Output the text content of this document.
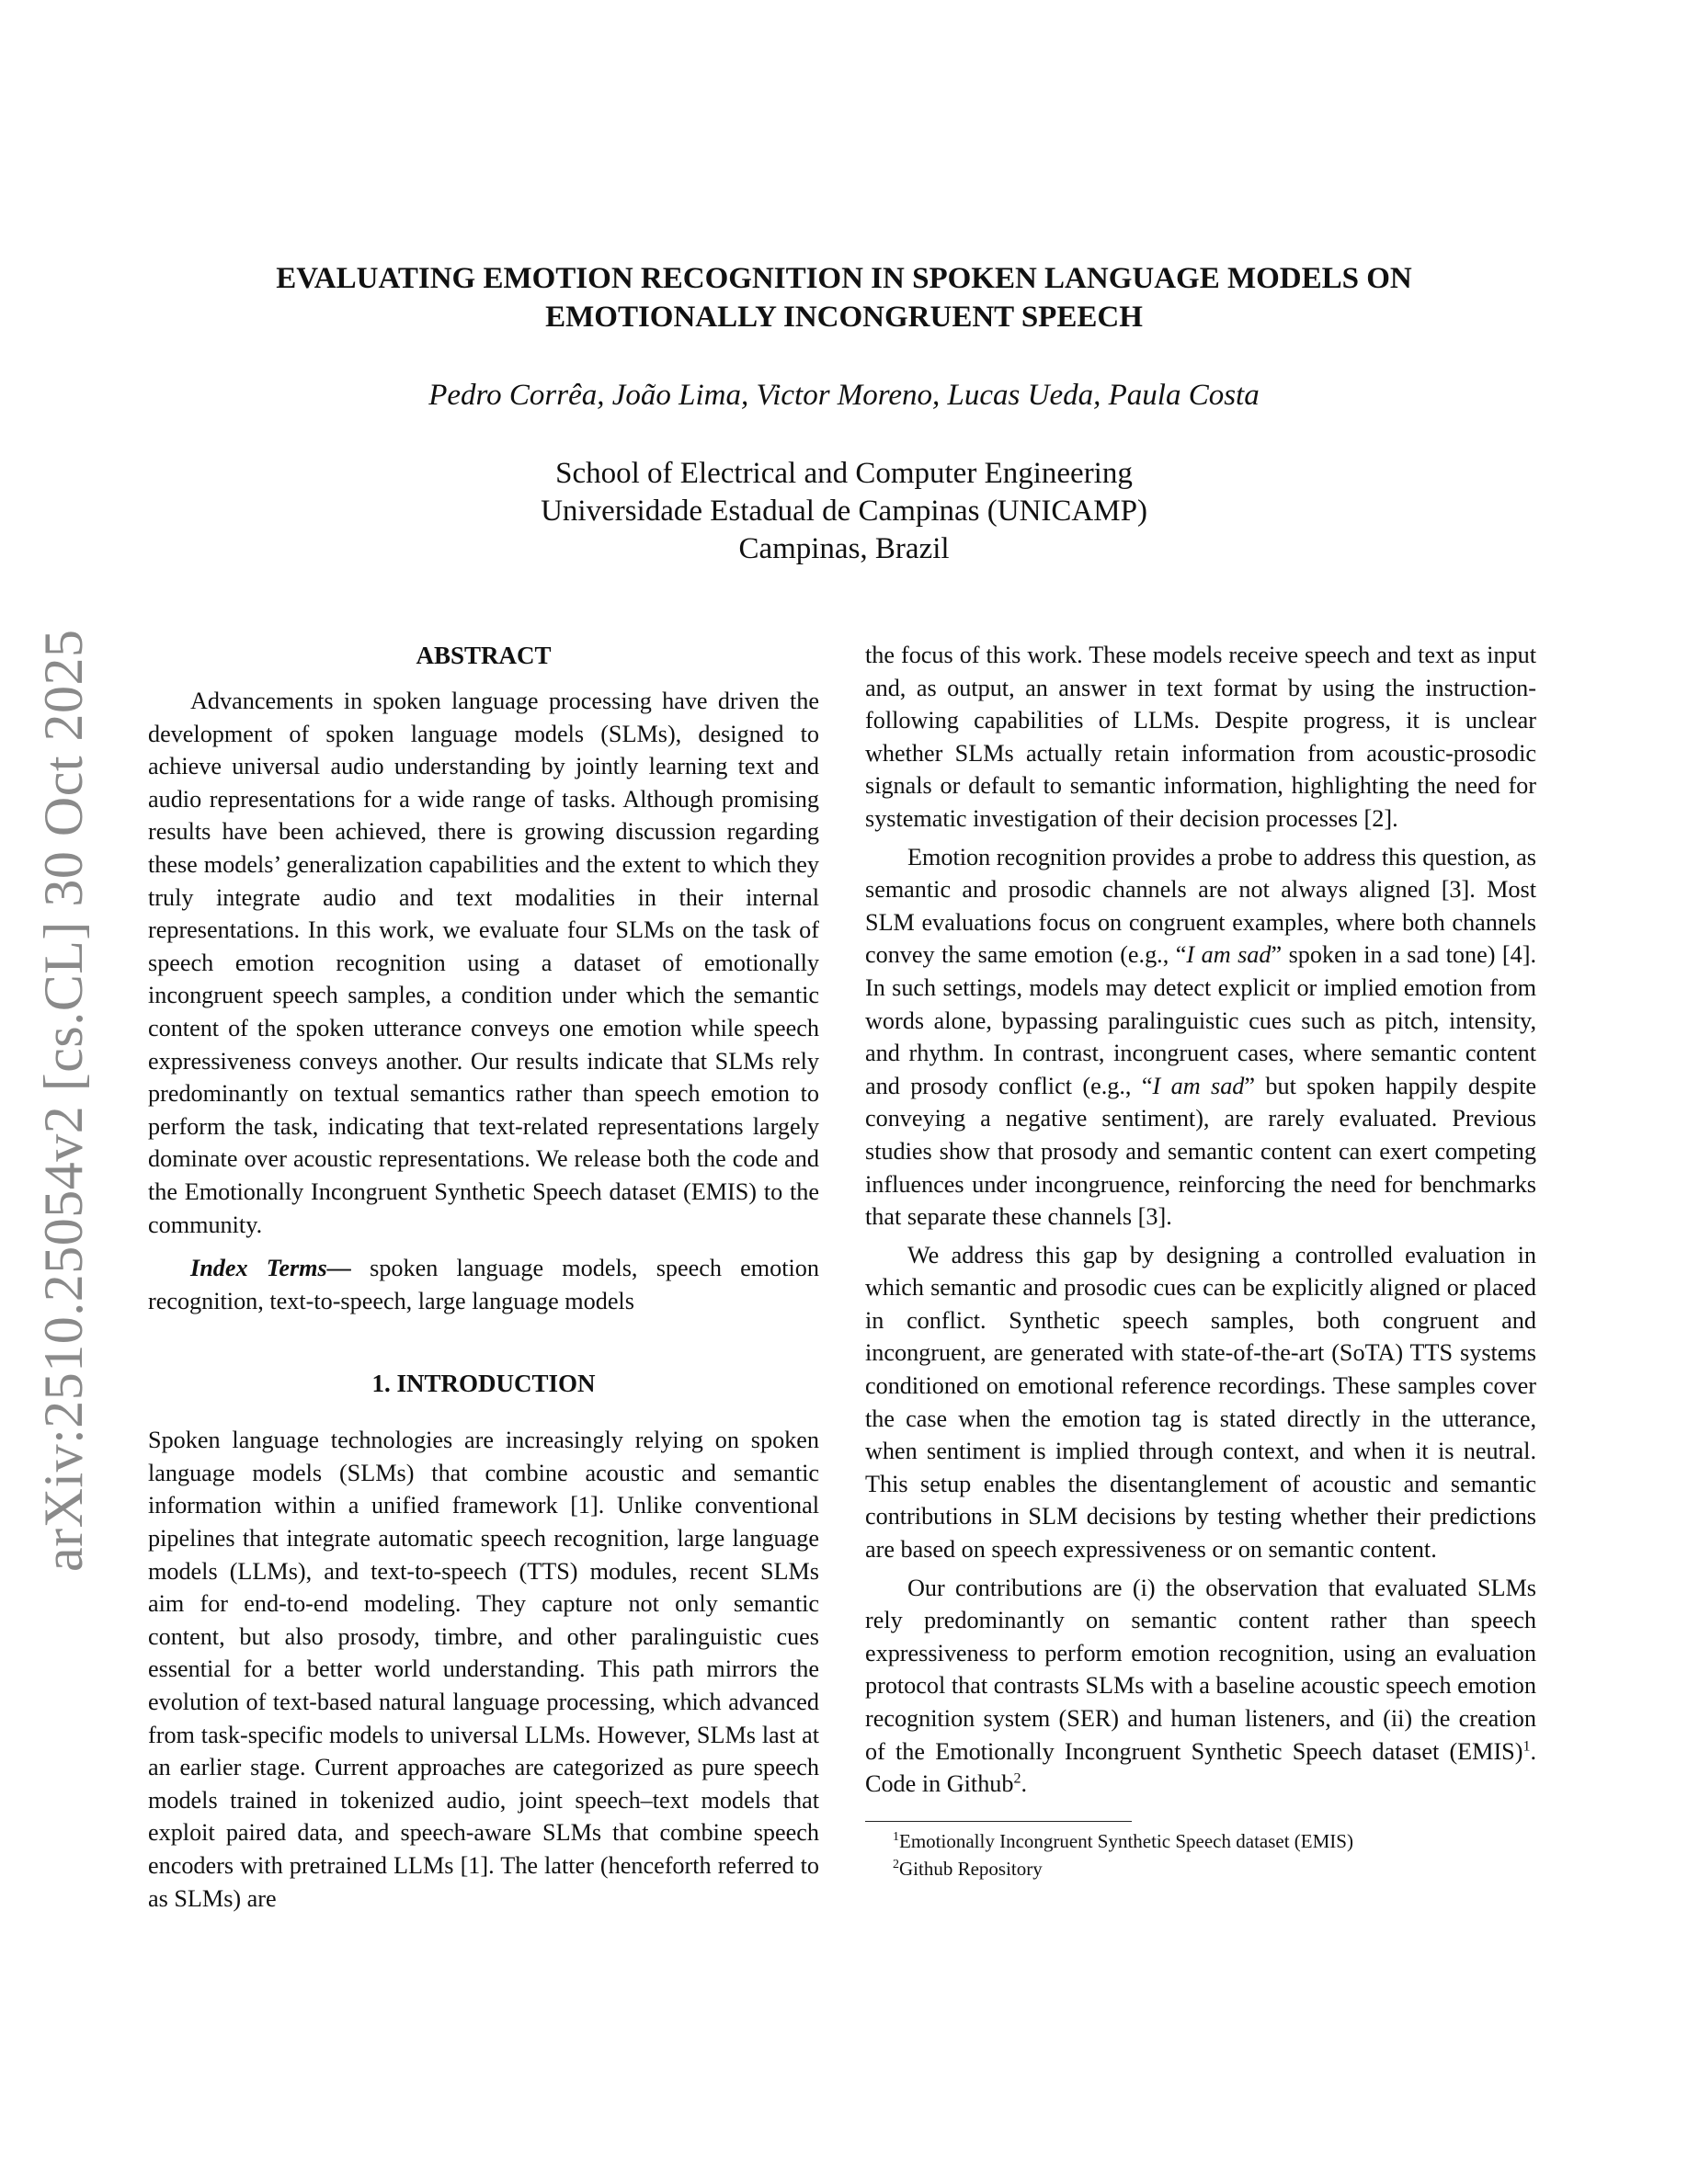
arXiv:2510.25054v2 [cs.CL] 30 Oct 2025
EVALUATING EMOTION RECOGNITION IN SPOKEN LANGUAGE MODELS ON EMOTIONALLY INCONGRUENT SPEECH
Pedro Corrêa, João Lima, Victor Moreno, Lucas Ueda, Paula Costa
School of Electrical and Computer Engineering
Universidade Estadual de Campinas (UNICAMP)
Campinas, Brazil
ABSTRACT

Advancements in spoken language processing have driven the development of spoken language models (SLMs), designed to achieve universal audio understanding by jointly learning text and audio representations for a wide range of tasks. Although promising results have been achieved, there is growing discussion regarding these models’ generalization capabilities and the extent to which they truly integrate audio and text modalities in their internal representations. In this work, we evaluate four SLMs on the task of speech emotion recognition using a dataset of emotionally incongruent speech samples, a condition under which the semantic content of the spoken utterance conveys one emotion while speech expressiveness conveys another. Our results indicate that SLMs rely predominantly on textual semantics rather than speech emotion to perform the task, indicating that text-related representations largely dominate over acoustic representations. We release both the code and the Emotionally Incongruent Synthetic Speech dataset (EMIS) to the community.

Index Terms— spoken language models, speech emotion recognition, text-to-speech, large language models

1. INTRODUCTION

Spoken language technologies are increasingly relying on spoken language models (SLMs) that combine acoustic and semantic information within a unified framework [1]. Unlike conventional pipelines that integrate automatic speech recognition, large language models (LLMs), and text-to-speech (TTS) modules, recent SLMs aim for end-to-end modeling. They capture not only semantic content, but also prosody, timbre, and other paralinguistic cues essential for a better world understanding. This path mirrors the evolution of text-based natural language processing, which advanced from task-specific models to universal LLMs. However, SLMs last at an earlier stage. Current approaches are categorized as pure speech models trained in tokenized audio, joint speech–text models that exploit paired data, and speech-aware SLMs that combine speech encoders with pretrained LLMs [1]. The latter (henceforth referred to as SLMs) are

the focus of this work. These models receive speech and text as input and, as output, an answer in text format by using the instruction-following capabilities of LLMs. Despite progress, it is unclear whether SLMs actually retain information from acoustic-prosodic signals or default to semantic information, highlighting the need for systematic investigation of their decision processes [2].

Emotion recognition provides a probe to address this question, as semantic and prosodic channels are not always aligned [3]. Most SLM evaluations focus on congruent examples, where both channels convey the same emotion (e.g., “I am sad” spoken in a sad tone) [4]. In such settings, models may detect explicit or implied emotion from words alone, bypassing paralinguistic cues such as pitch, intensity, and rhythm. In contrast, incongruent cases, where semantic content and prosody conflict (e.g., “I am sad” but spoken happily despite conveying a negative sentiment), are rarely evaluated. Previous studies show that prosody and semantic content can exert competing influences under incongruence, reinforcing the need for benchmarks that separate these channels [3].

We address this gap by designing a controlled evaluation in which semantic and prosodic cues can be explicitly aligned or placed in conflict. Synthetic speech samples, both congruent and incongruent, are generated with state-of-the-art (SoTA) TTS systems conditioned on emotional reference recordings. These samples cover the case when the emotion tag is stated directly in the utterance, when sentiment is implied through context, and when it is neutral. This setup enables the disentanglement of acoustic and semantic contributions in SLM decisions by testing whether their predictions are based on speech expressiveness or on semantic content.

Our contributions are (i) the observation that evaluated SLMs rely predominantly on semantic content rather than speech expressiveness to perform emotion recognition, using an evaluation protocol that contrasts SLMs with a baseline acoustic speech emotion recognition system (SER) and human listeners, and (ii) the creation of the Emotionally Incongruent Synthetic Speech dataset (EMIS)$^1$. Code in Github$^2$.

$^1$Emotionally Incongruent Synthetic Speech dataset (EMIS)
$^2$Github Repository
